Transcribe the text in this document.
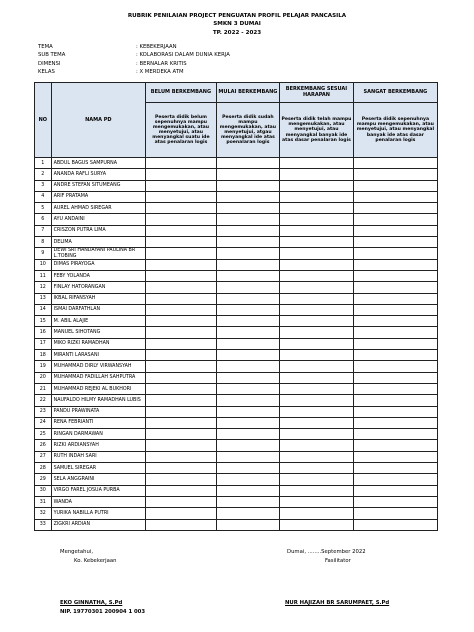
RUBRIK PENILAIAN PROJECT PENGUATAN PROFIL PELAJAR PANCASILA
SMKN 3 DUMAI
TP. 2022 - 2023
TEMA	: KEBEKERJAAN
SUB TEMA	: KOLABORASI DALAM DUNIA KERJA
DIMENSI	: BERNALAR KRITIS
KELAS	: X MERDEKA ATM
NO	NAMA PD	BELUM BERKEMBANG	MULAI BERKEMBANG	BERKEMBANG SESUAI HARAPAN	SANGAT BERKEMBANG
		Peserta didik belum sepenuhnya mampu mengemukakan, atau menyetujui, atau menyangkal suatu ide atas penalaran logis	Peserta didik sudah mampu mengemukakan, atau menyetujui, atgau menyangkal ide atas poenalaran logis	Peserta didik telah mampu mengemukakan, atau menyetujui, atau menyangkal banyak ide atas dasar penalaran logis	Peserta didik sepenuhnya mampu mengemukakan, atau menyetujui, atau menyangkal banyak ide atas dasar penalaran logis
1	ABDUL BAGUS SAMPURNA				
2	ANANDA RAFLI SURYA				
3	ANDRE STEFAN SITUMEANG				
4	ARIF PRATAMA				
5	AUREL AHMAD SIREGAR				
6	AYU ANDAINI				
7	CRISZON PUTRA LIMA				
8	DELIMA				
9	DEWI SRI HANDAYANI PAULINA BR L.TOBING				
10	DIMAS PIRAYOGA				
11	FEBY YOLANDA				
12	FINLAY HATORANGAN				
13	IKBAL RIFANSYAH				
14	ISMAI DARFATHLAN				
15	M. ABIL ALAJIE				
16	MANUEL SIHOTANG				
17	MIKO RIZKI RAMADHAN				
18	MIRANTI LARASANI				
19	MUHAMMAD DIRLY VIRWANSYAH				
20	MUHAMMAD FADILLAH SAHPUTRA				
21	MUHAMMAD REJEKI AL BUKHORI				
22	NAUFALDO HILMY RAMADHAN LUBIS				
23	PANDU PRAWINATA				
24	RENA FEBRIANTI				
25	RINGAN DARMAWAN				
26	RIZKI ARDIANSYAH				
27	RUTH INDAH SARI				
28	SAMUEL SIREGAR				
29	SELA ANGGRAINI				
30	VIRGO FAREL JOSUA PURBA				
31	WANDA				
32	YURIKA NABILLA PUTRI				
33	ZIGKRI ARDIAN				
Mengetahui,
Ko. Kebekerjaan
Dumai, ........September 2022
Fasilitator
EKO GINNATHA, S.Pd
NIP. 19770301 200904 1 003
NUR HAJIZAH BR SARUMPAET, S.Pd
